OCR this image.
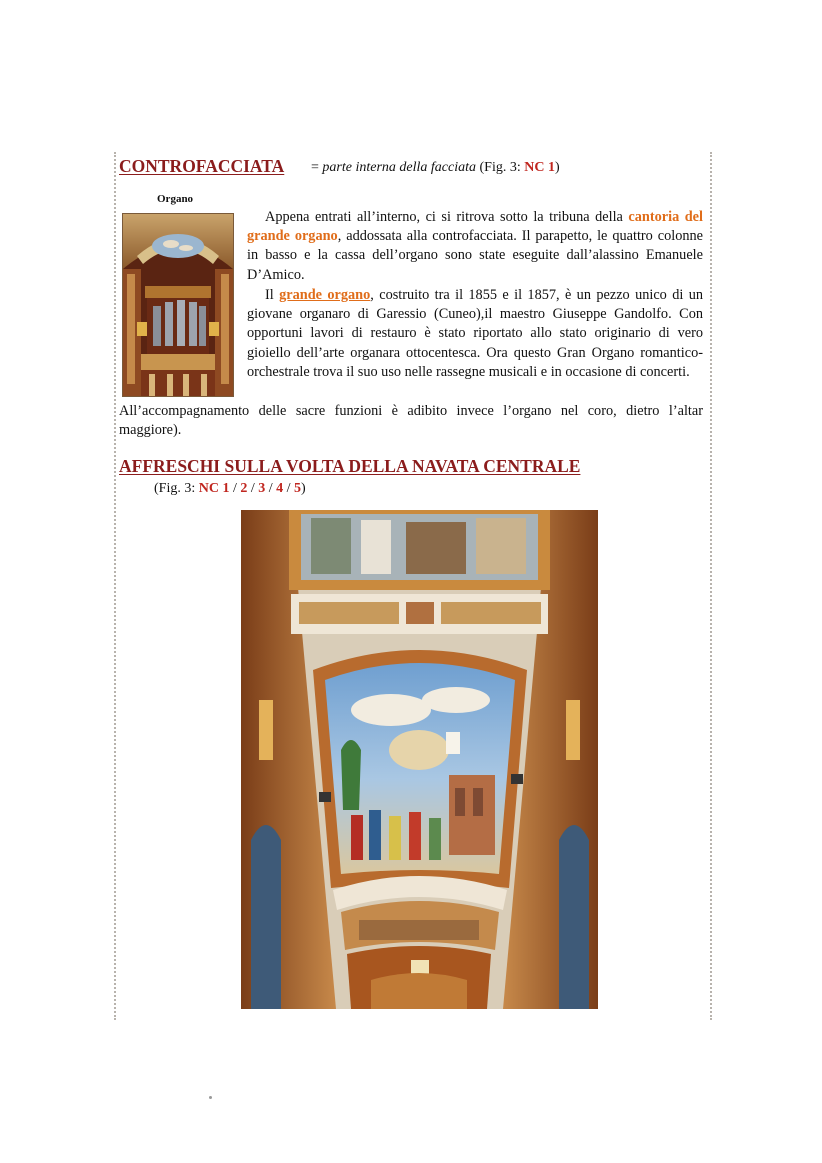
CONTROFACCIATA = parte interna della facciata (Fig. 3: NC 1)
Organo

Appena entrati all’interno, ci si ritrova sotto la tribuna della cantoria del grande organo, addossata alla controfacciata. Il parapetto, le quattro colonne in basso e la cassa dell’organo sono state eseguite dall’alassino Emanuele D’Amico.

Il grande organo, costruito tra il 1855 e il 1857, è un pezzo unico di un giovane organaro di Garessio (Cuneo),il maestro Giuseppe Gandolfo. Con opportuni lavori di restauro è stato riportato allo stato originario di vero gioiello dell’arte organara ottocentesca. Ora questo Gran Organo romantico-orchestrale trova il suo uso nelle rassegne musicali e in occasione di concerti.

All’accompagnamento delle sacre funzioni è adibito invece l’organo nel coro, dietro l’altar maggiore).

AFFRESCHI SULLA VOLTA DELLA NAVATA CENTRALE
(Fig. 3: NC 1 / 2 / 3 / 4 / 5)
